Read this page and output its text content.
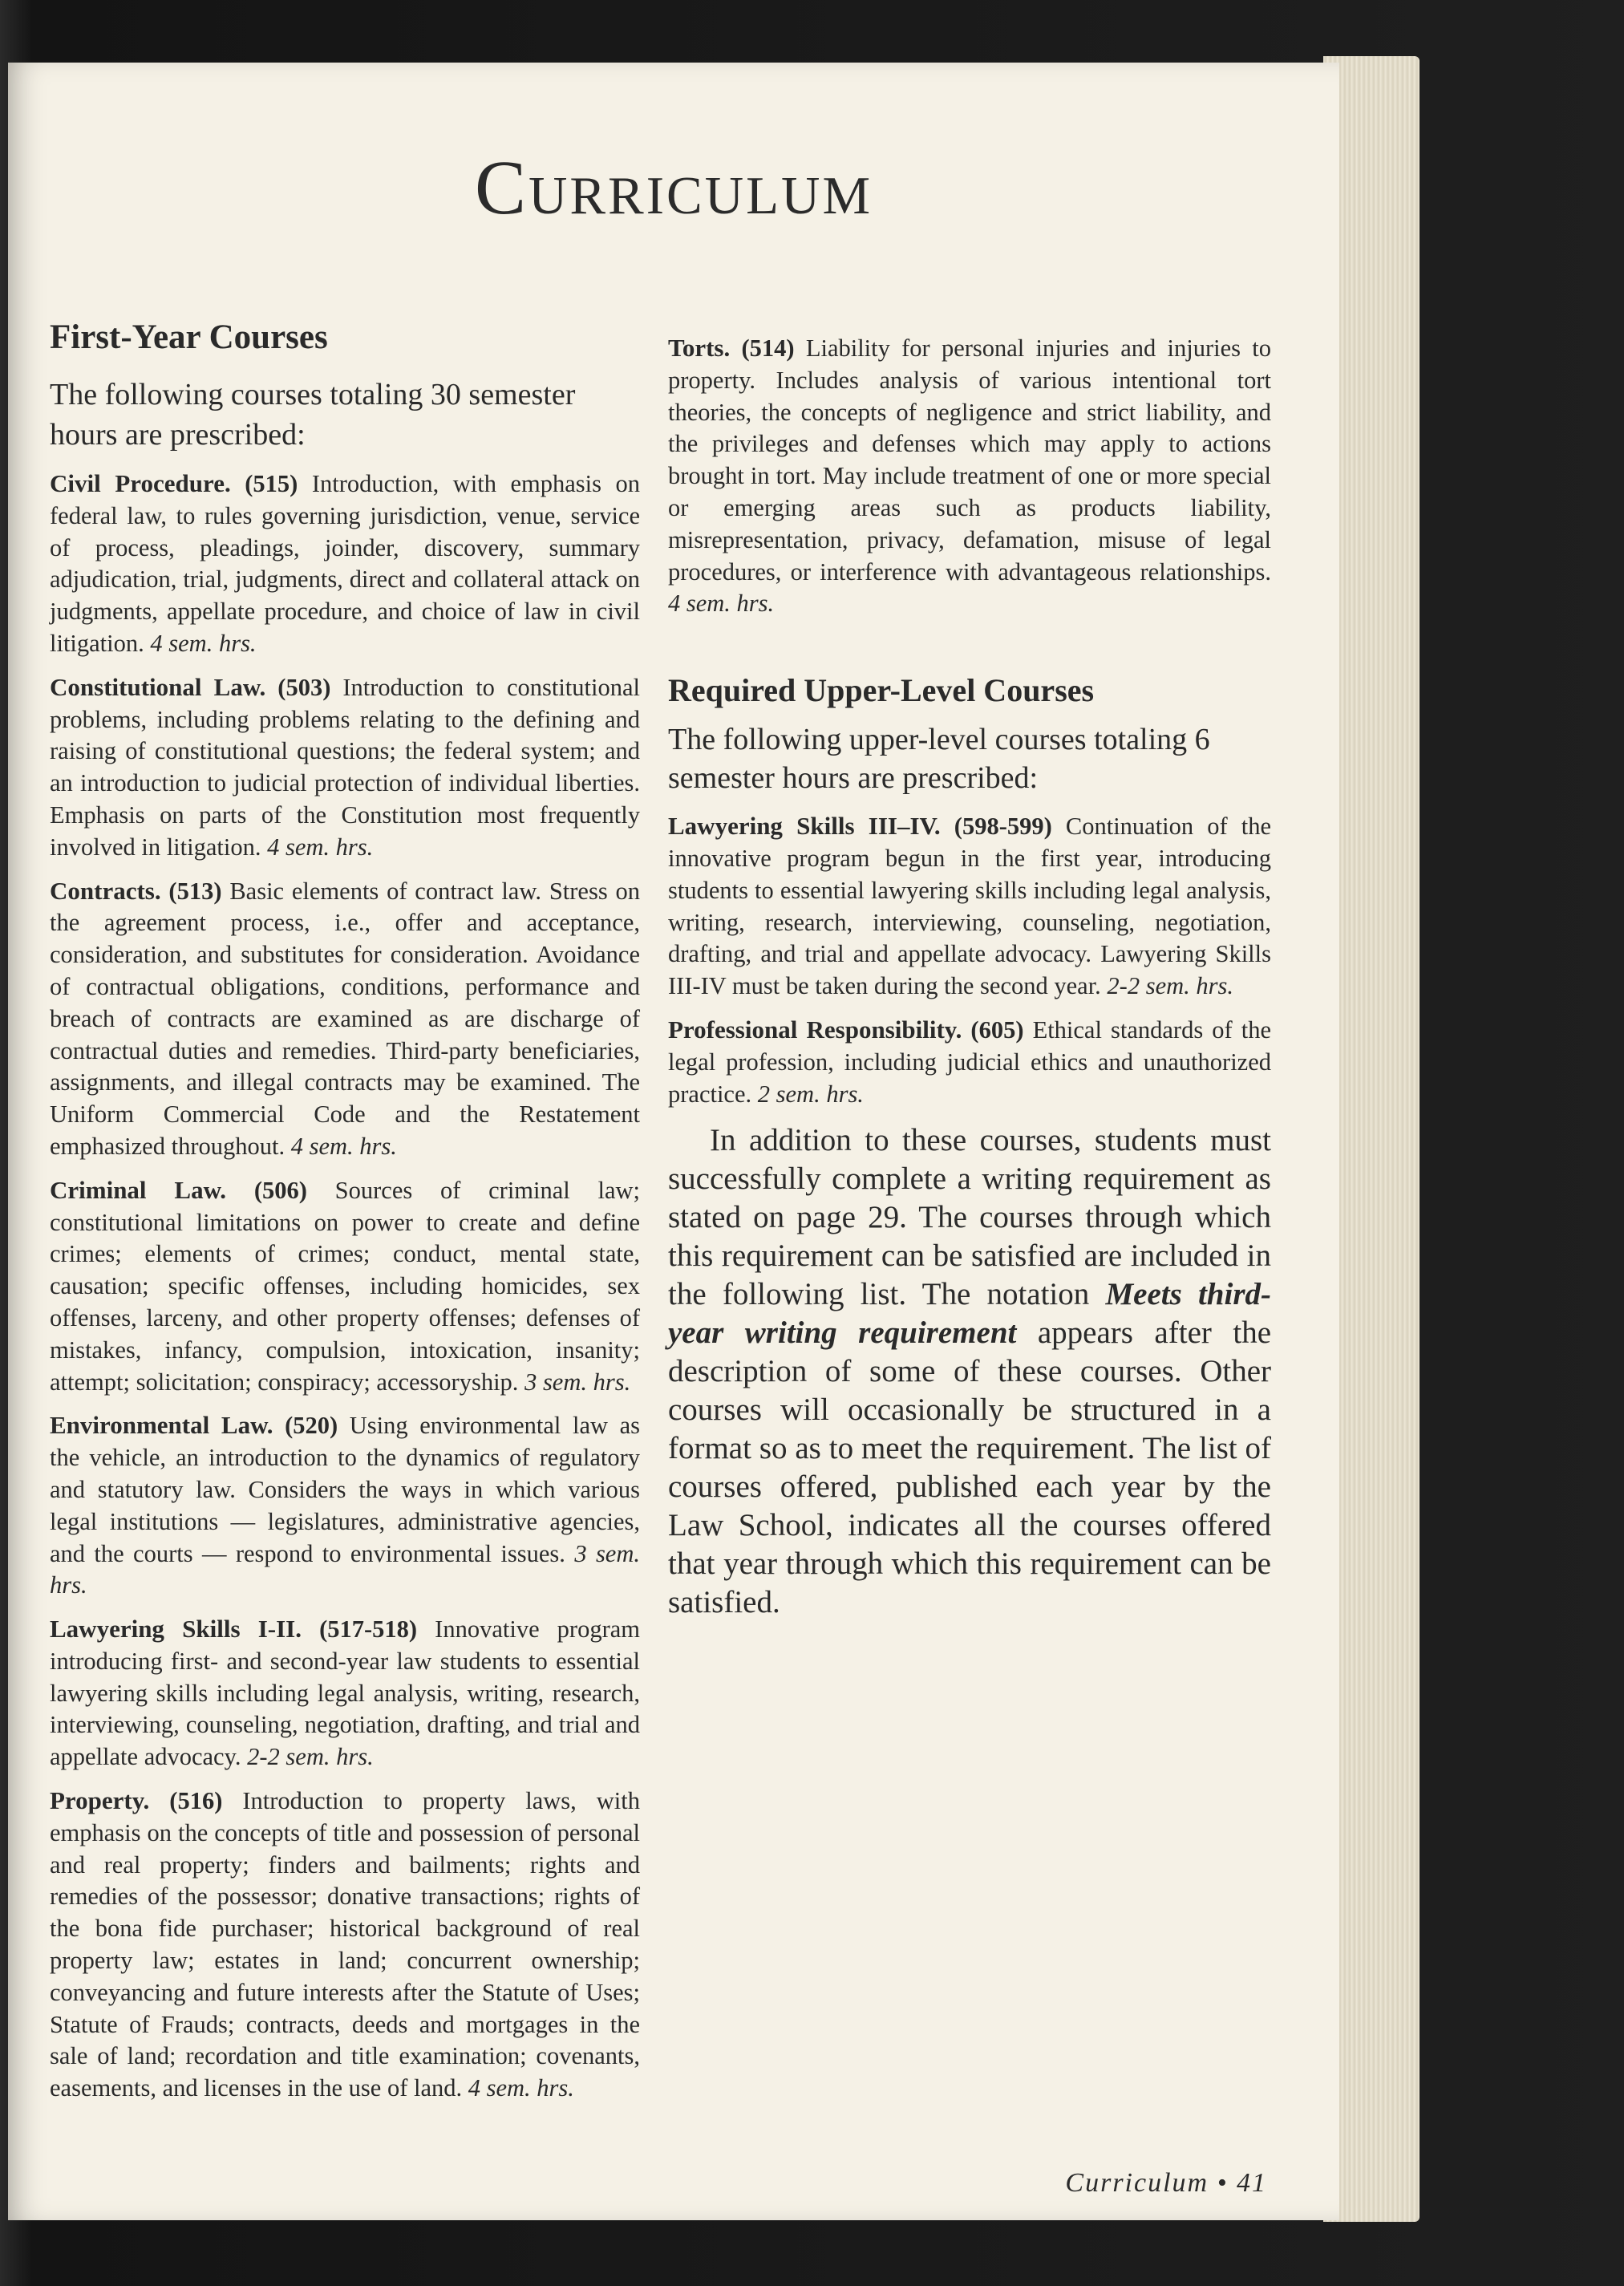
Curriculum
First-Year Courses

The following courses totaling 30 semester hours are prescribed:

Civil Procedure. (515) Introduction, with emphasis on federal law, to rules governing jurisdiction, venue, service of process, pleadings, joinder, discovery, summary adjudication, trial, judgments, direct and collateral attack on judgments, appellate procedure, and choice of law in civil litigation. 4 sem. hrs.

Constitutional Law. (503) Introduction to constitutional problems, including problems relating to the defining and raising of constitutional questions; the federal system; and an introduction to judicial protection of individual liberties. Emphasis on parts of the Constitution most frequently involved in litigation. 4 sem. hrs.

Contracts. (513) Basic elements of contract law. Stress on the agreement process, i.e., offer and acceptance, consideration, and substitutes for consideration. Avoidance of contractual obligations, conditions, performance and breach of contracts are examined as are discharge of contractual duties and remedies. Third-party beneficiaries, assignments, and illegal contracts may be examined. The Uniform Commercial Code and the Restatement emphasized throughout. 4 sem. hrs.

Criminal Law. (506) Sources of criminal law; constitutional limitations on power to create and define crimes; elements of crimes; conduct, mental state, causation; specific offenses, including homicides, sex offenses, larceny, and other property offenses; defenses of mistakes, infancy, compulsion, intoxication, insanity; attempt; solicitation; conspiracy; accessoryship. 3 sem. hrs.

Environmental Law. (520) Using environmental law as the vehicle, an introduction to the dynamics of regulatory and statutory law. Considers the ways in which various legal institutions — legislatures, administrative agencies, and the courts — respond to environmental issues. 3 sem. hrs.

Lawyering Skills I-II. (517-518) Innovative program introducing first- and second-year law students to essential lawyering skills including legal analysis, writing, research, interviewing, counseling, negotiation, drafting, and trial and appellate advocacy. 2-2 sem. hrs.

Property. (516) Introduction to property laws, with emphasis on the concepts of title and possession of personal and real property; finders and bailments; rights and remedies of the possessor; donative transactions; rights of the bona fide purchaser; historical background of real property law; estates in land; concurrent ownership; conveyancing and future interests after the Statute of Uses; Statute of Frauds; contracts, deeds and mortgages in the sale of land; recordation and title examination; covenants, easements, and licenses in the use of land. 4 sem. hrs.

Torts. (514) Liability for personal injuries and injuries to property. Includes analysis of various intentional tort theories, the concepts of negligence and strict liability, and the privileges and defenses which may apply to actions brought in tort. May include treatment of one or more special or emerging areas such as products liability, misrepresentation, privacy, defamation, misuse of legal procedures, or interference with advantageous relationships. 4 sem. hrs.

Required Upper-Level Courses

The following upper-level courses totaling 6 semester hours are prescribed:

Lawyering Skills III–IV. (598-599) Continuation of the innovative program begun in the first year, introducing students to essential lawyering skills including legal analysis, writing, research, interviewing, counseling, negotiation, drafting, and trial and appellate advocacy. Lawyering Skills III-IV must be taken during the second year. 2-2 sem. hrs.

Professional Responsibility. (605) Ethical standards of the legal profession, including judicial ethics and unauthorized practice. 2 sem. hrs.

In addition to these courses, students must successfully complete a writing requirement as stated on page 29. The courses through which this requirement can be satisfied are included in the following list. The notation Meets third-year writing requirement appears after the description of some of these courses. Other courses will occasionally be structured in a format so as to meet the requirement. The list of courses offered, published each year by the Law School, indicates all the courses offered that year through which this requirement can be satisfied.

Curriculum • 41
